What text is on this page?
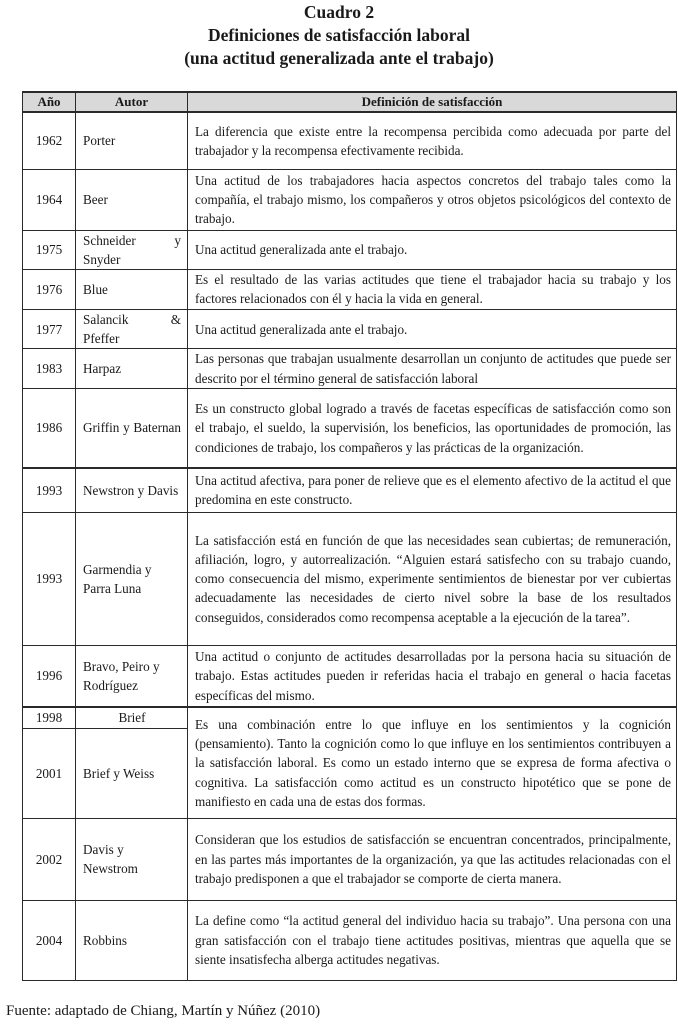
Cuadro 2
Definiciones de satisfacción laboral
(una actitud generalizada ante el trabajo)
Año	Autor	Definición de satisfacción
1962	Porter	La diferencia que existe entre la recompensa percibida como adecuada por parte del trabajador y la recompensa efectivamente recibida.
1964	Beer	Una actitud de los trabajadores hacia aspectos concretos del trabajo tales como la compañía, el trabajo mismo, los compañeros y otros objetos psicológicos del contexto de trabajo.
1975	Schneider y Snyder	Una actitud generalizada ante el trabajo.
1976	Blue	Es el resultado de las varias actitudes que tiene el trabajador hacia su trabajo y los factores relacionados con él y hacia la vida en general.
1977	Salancik & Pfeffer	Una actitud generalizada ante el trabajo.
1983	Harpaz	Las personas que trabajan usualmente desarrollan un conjunto de actitudes que puede ser descrito por el término general de satisfacción laboral
1986	Griffin y Baternan	Es un constructo global logrado a través de facetas específicas de satisfacción como son el trabajo, el sueldo, la supervisión, los beneficios, las oportunidades de promoción, las condiciones de trabajo, los compañeros y las prácticas de la organización.
1993	Newstron y Davis	Una actitud afectiva, para poner de relieve que es el elemento afectivo de la actitud el que predomina en este constructo.
1993	Garmendia y Parra Luna	La satisfacción está en función de que las necesidades sean cubiertas; de remuneración, afiliación, logro, y autorrealización. “Alguien estará satisfecho con su trabajo cuando, como consecuencia del mismo, experimente sentimientos de bienestar por ver cubiertas adecuadamente las necesidades de cierto nivel sobre la base de los resultados conseguidos, considerados como recompensa aceptable a la ejecución de la tarea”.
1996	Bravo, Peiro y Rodríguez	Una actitud o conjunto de actitudes desarrolladas por la persona hacia su situación de trabajo. Estas actitudes pueden ir referidas hacia el trabajo en general o hacia facetas específicas del mismo.
1998	Brief	Es una combinación entre lo que influye en los sentimientos y la cognición (pensamiento). Tanto la cognición como lo que influye en los sentimientos contribuyen a la satisfacción laboral. Es como un estado interno que se expresa de forma afectiva o cognitiva. La satisfacción como actitud es un constructo hipotético que se pone de manifiesto en cada una de estas dos formas.
2001	Brief y Weiss	
2002	Davis y Newstrom	Consideran que los estudios de satisfacción se encuentran concentrados, principalmente, en las partes más importantes de la organización, ya que las actitudes relacionadas con el trabajo predisponen a que el trabajador se comporte de cierta manera.
2004	Robbins	La define como “la actitud general del individuo hacia su trabajo”. Una persona con una gran satisfacción con el trabajo tiene actitudes positivas, mientras que aquella que se siente insatisfecha alberga actitudes negativas.
Fuente: adaptado de Chiang, Martín y Núñez (2010)
